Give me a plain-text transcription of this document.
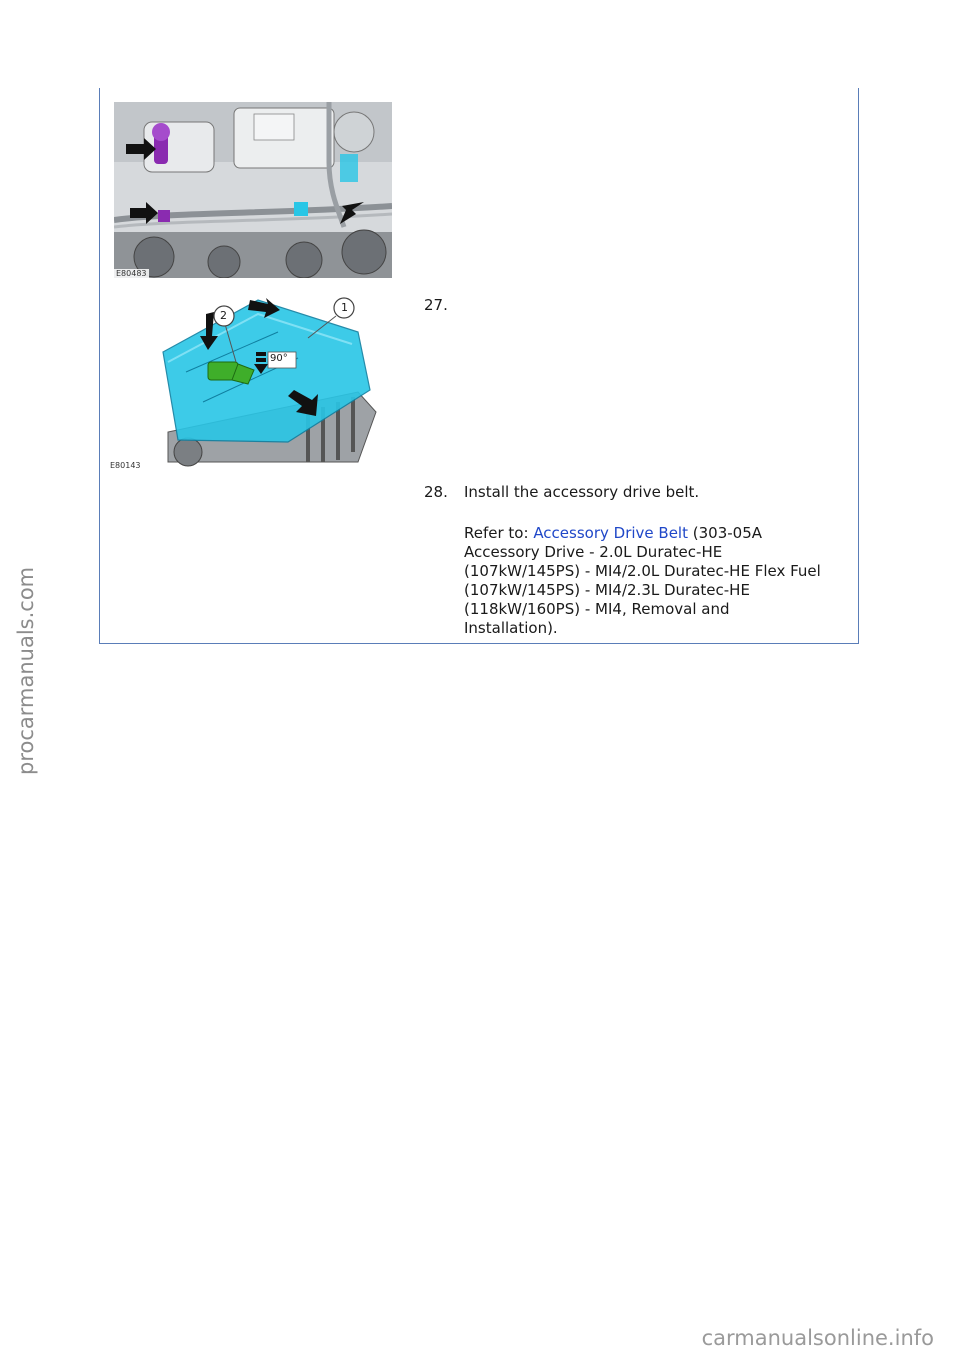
E80483
2
1
90°
E80143
27.
28. Install the accessory drive belt.
Refer to: Accessory Drive Belt (303-05A
Accessory Drive - 2.0L Duratec-HE
(107kW/145PS) - MI4/2.0L Duratec-HE Flex Fuel
(107kW/145PS) - MI4/2.3L Duratec-HE
(118kW/160PS) - MI4, Removal and
Installation).
procarmanuals.com
carmanualsonline.info
